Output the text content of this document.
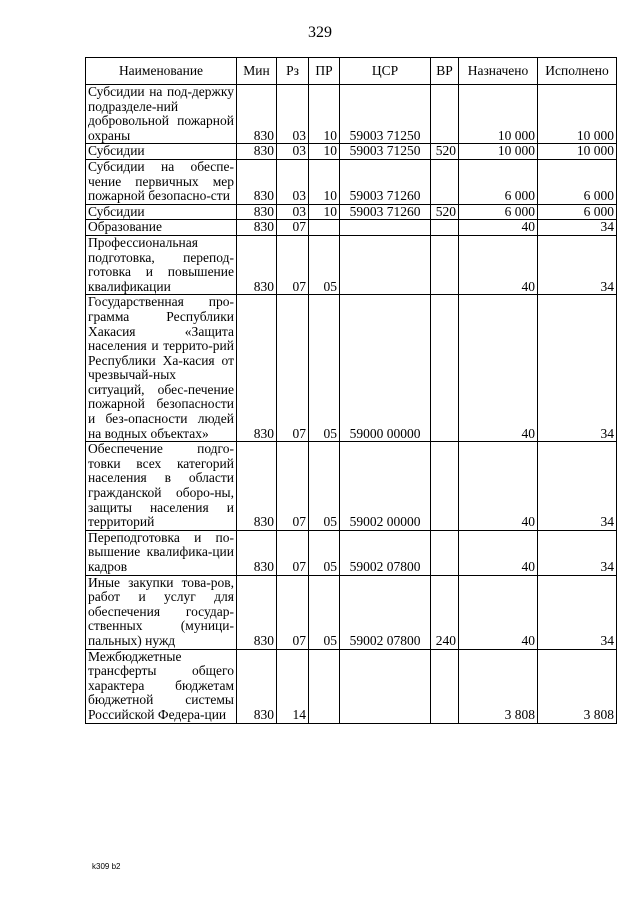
329
Наименование	Мин	Рз	ПР	ЦСР	ВР	Назначено	Исполнено
Субсидии на под-держку подразделе-ний добровольной пожарной охраны	830	03	10	59003 71250		10 000	10 000
Субсидии	830	03	10	59003 71250	520	10 000	10 000
Субсидии на обеспе-чение первичных мер пожарной безопасно-сти	830	03	10	59003 71260		6 000	6 000
Субсидии	830	03	10	59003 71260	520	6 000	6 000
Образование	830	07				40	34
Профессиональная подготовка, перепод-готовка и повышение квалификации	830	07	05			40	34
Государственная про-грамма Республики Хакасия «Защита населения и террито-рий Республики Ха-касия от чрезвычай-ных ситуаций, обес-печение пожарной безопасности и без-опасности людей на водных объектах»	830	07	05	59000 00000		40	34
Обеспечение подго-товки всех категорий населения в области гражданской оборо-ны, защиты населения и территорий	830	07	05	59002 00000		40	34
Переподготовка и по-вышение квалифика-ции кадров	830	07	05	59002 07800		40	34
Иные закупки това-ров, работ и услуг для обеспечения государ-ственных (муници-пальных) нужд	830	07	05	59002 07800	240	40	34
Межбюджетные трансферты общего характера бюджетам бюджетной системы Российской Федера-ции	830	14				3 808	3 808
k309 b2
